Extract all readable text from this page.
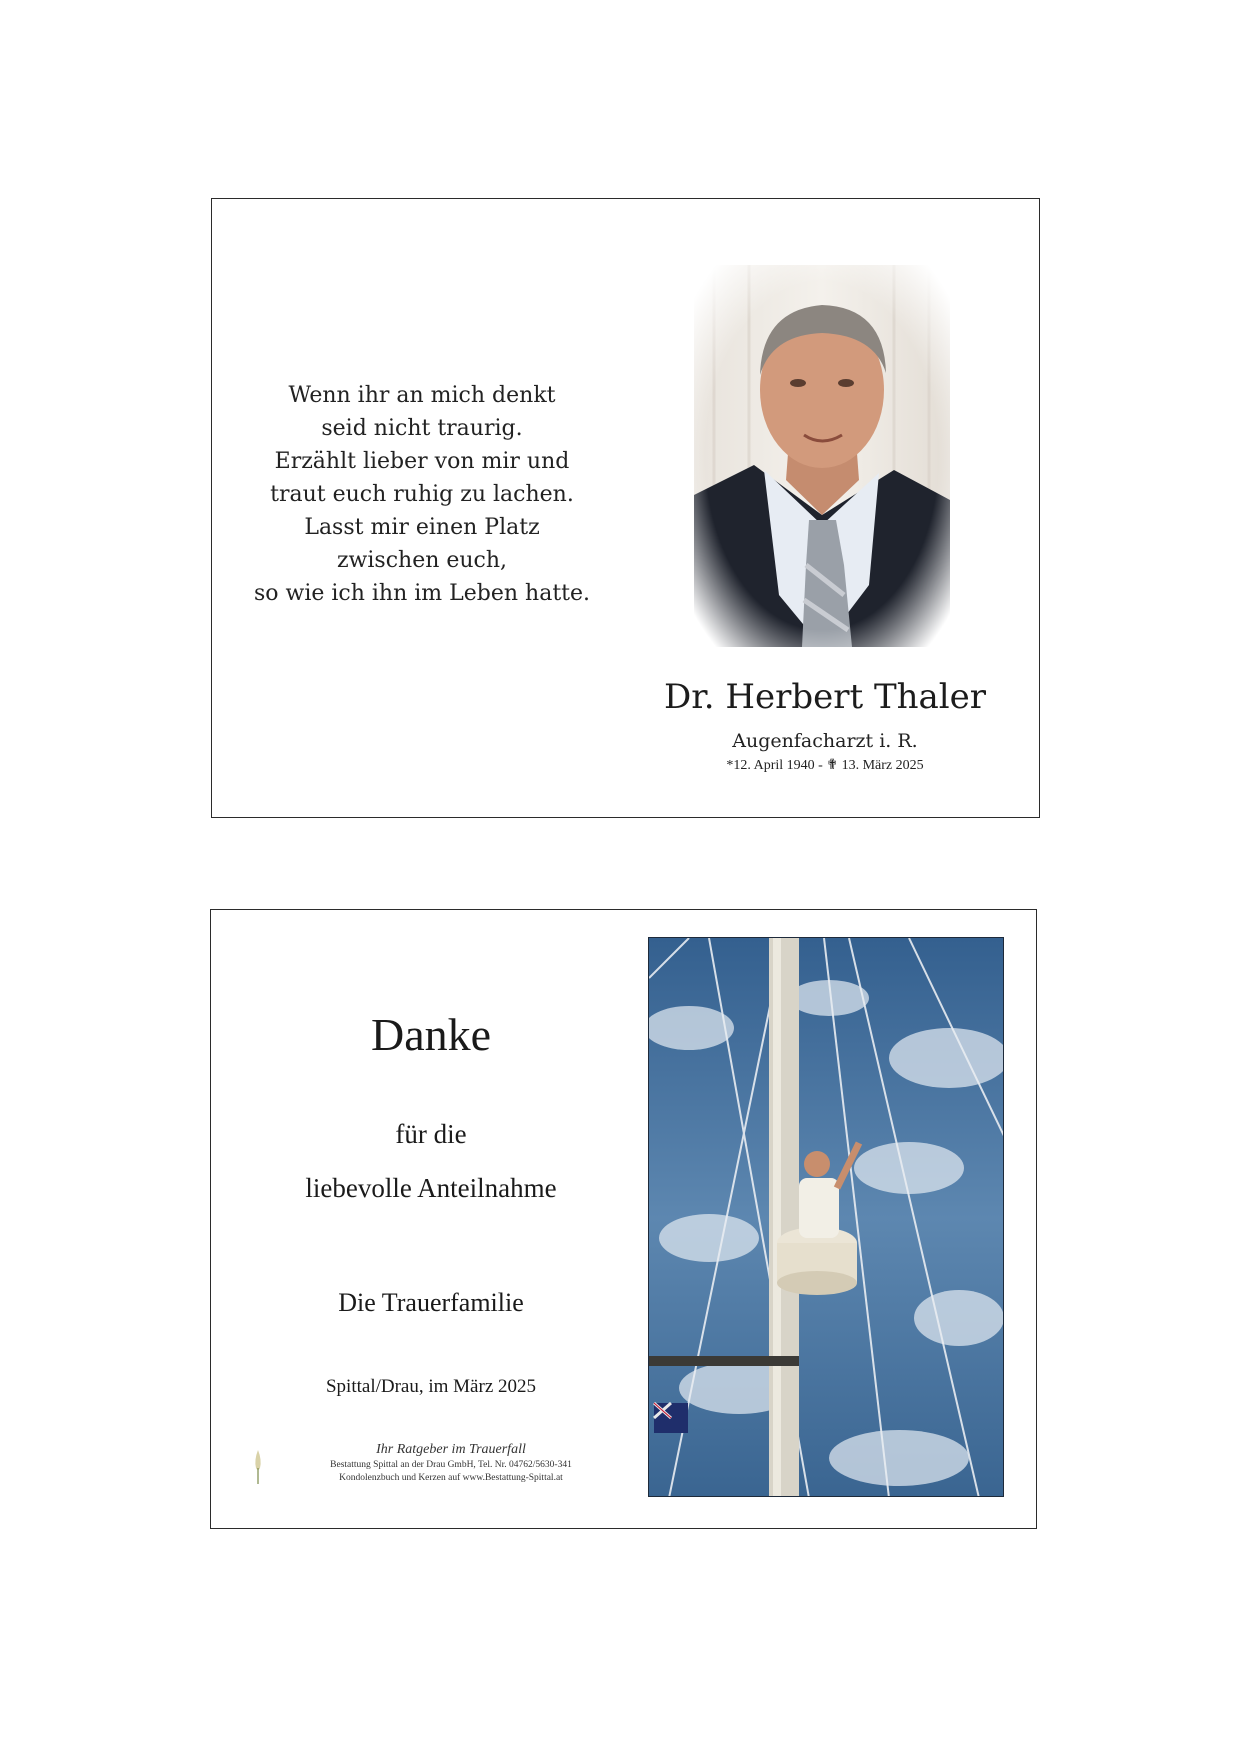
Wenn ihr an mich denkt
seid nicht traurig.
Erzählt lieber von mir und
traut euch ruhig zu lachen.
Lasst mir einen Platz
zwischen euch,
so wie ich ihn im Leben hatte.
Dr. Herbert Thaler
Augenfacharzt i. R.
*12. April 1940 - ✟ 13. März 2025
Danke
für die
liebevolle Anteilnahme
Die Trauerfamilie
Spittal/Drau, im März 2025
Ihr Ratgeber im Trauerfall
Bestattung Spittal an der Drau GmbH, Tel. Nr. 04762/5630-341
Kondolenzbuch und Kerzen auf www.Bestattung-Spittal.at
